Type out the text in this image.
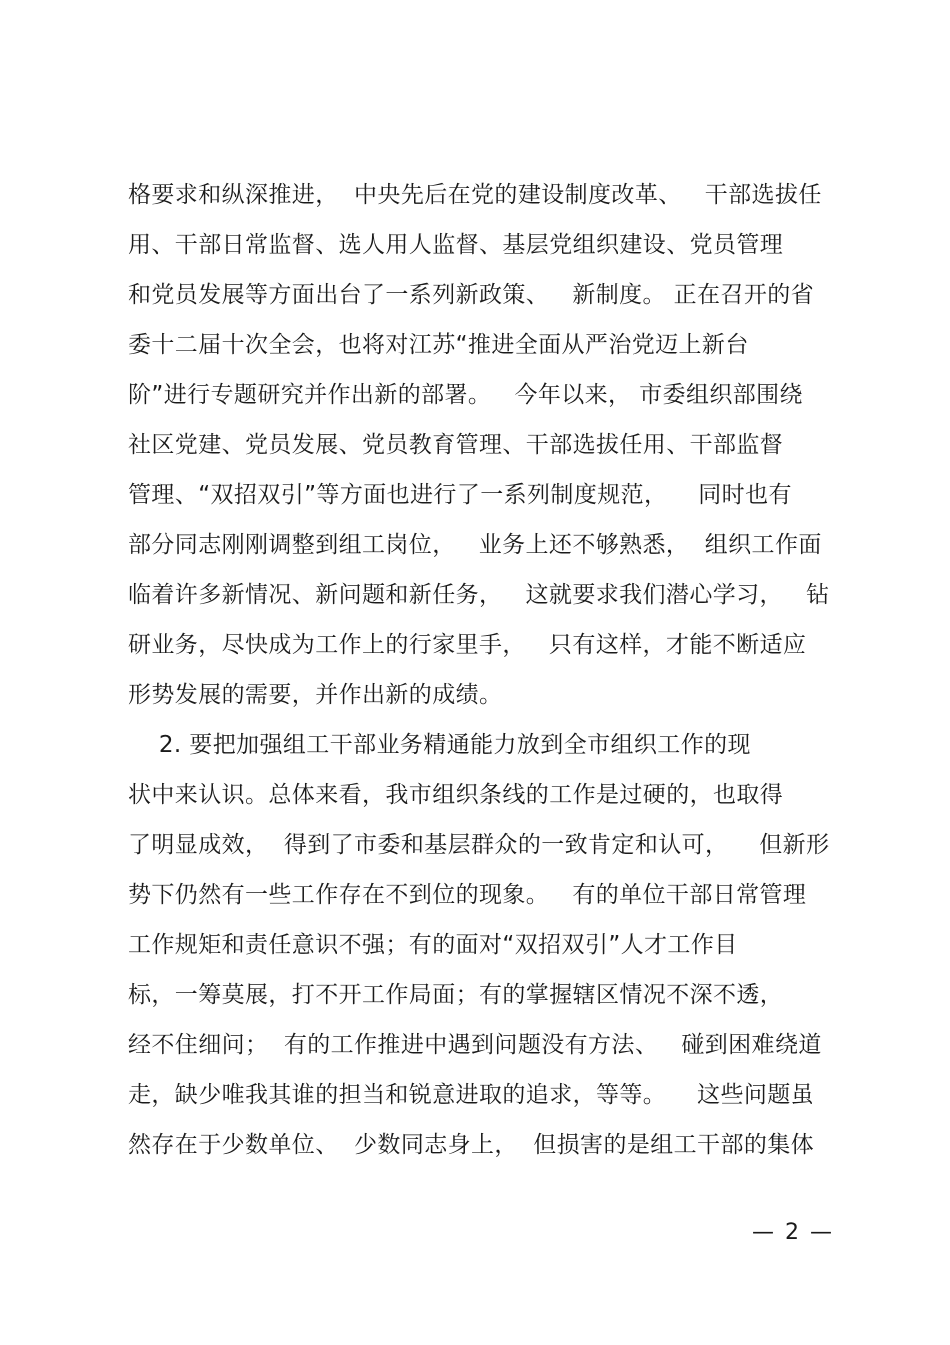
格要求和纵深推进，  中央先后在党的建设制度改革、   干部选拔任
用、干部日常监督、选人用人监督、基层党组织建设、党员管理
和党员发展等方面出台了一系列新政策、   新制度。 正在召开的省
委十二届十次全会，也将对江苏“推进全面从严治党迈上新台
阶”进行专题研究并作出新的部署。   今年以来， 市委组织部围绕
社区党建、党员发展、党员教育管理、干部选拔任用、干部监督
管理、“双招双引”等方面也进行了一系列制度规范，    同时也有
部分同志刚刚调整到组工岗位，   业务上还不够熟悉，  组织工作面
临着许多新情况、新问题和新任务，   这就要求我们潜心学习，   钻
研业务，尽快成为工作上的行家里手，   只有这样，才能不断适应
形势发展的需要，并作出新的成绩。
2. 要把加强组工干部业务精通能力放到全市组织工作的现
状中来认识。总体来看，我市组织条线的工作是过硬的，也取得
了明显成效，  得到了市委和基层群众的一致肯定和认可，    但新形
势下仍然有一些工作存在不到位的现象。   有的单位干部日常管理
工作规矩和责任意识不强；有的面对“双招双引”人才工作目
标，一筹莫展，打不开工作局面；有的掌握辖区情况不深不透，
经不住细问；  有的工作推进中遇到问题没有方法、   碰到困难绕道
走，缺少唯我其谁的担当和锐意进取的追求，等等。    这些问题虽
然存在于少数单位、  少数同志身上，  但损害的是组工干部的集体
— 2 —
